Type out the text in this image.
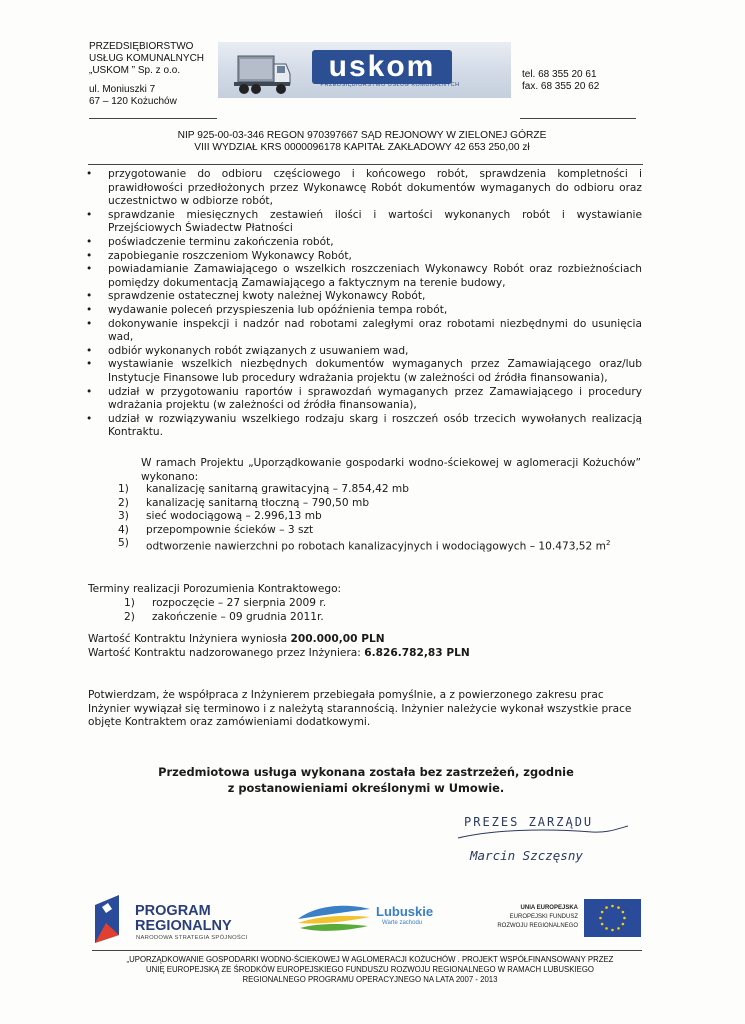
PRZEDSIĘBIORSTWO
USŁUG KOMUNALNYCH
„USKOM ” Sp. z o.o.
ul. Moniuszki 7
67 – 120 Kożuchów
uskom
PRZEDSIĘBIORSTWO USŁUG KOMUNALNYCH
tel. 68 355 20 61
fax. 68 355 20 62
NIP 925-00-03-346 REGON 970397667 SĄD REJONOWY W ZIELONEJ GÓRZE
VIII WYDZIAŁ KRS 0000096178 KAPITAŁ ZAKŁADOWY 42 653 250,00 zł
• przygotowanie do odbioru częściowego i końcowego robót, sprawdzenia kompletności i prawidłowości przedłożonych przez Wykonawcę Robót dokumentów wymaganych do odbioru oraz uczestnictwo w odbiorze robót,
• sprawdzanie miesięcznych zestawień ilości i wartości wykonanych robót i wystawianie Przejściowych Świadectw Płatności
• poświadczenie terminu zakończenia robót,
• zapobieganie roszczeniom Wykonawcy Robót,
• powiadamianie Zamawiającego o wszelkich roszczeniach Wykonawcy Robót oraz rozbieżnościach pomiędzy dokumentacją Zamawiającego a faktycznym na terenie budowy,
• sprawdzenie ostatecznej kwoty należnej Wykonawcy Robót,
• wydawanie poleceń przyspieszenia lub opóźnienia tempa robót,
• dokonywanie inspekcji i nadzór nad robotami zaległymi oraz robotami niezbędnymi do usunięcia wad,
• odbiór wykonanych robót związanych z usuwaniem wad,
• wystawianie wszelkich niezbędnych dokumentów wymaganych przez Zamawiającego oraz/lub Instytucje Finansowe lub procedury wdrażania projektu (w zależności od źródła finansowania),
• udział w przygotowaniu raportów i sprawozdań wymaganych przez Zamawiającego i procedury wdrażania projektu (w zależności od źródła finansowania),
• udział w rozwiązywaniu wszelkiego rodzaju skarg i roszczeń osób trzecich wywołanych realizacją Kontraktu.
W ramach Projektu „Uporządkowanie gospodarki wodno-ściekowej w aglomeracji Kożuchów” wykonano:
1) kanalizację sanitarną grawitacyjną – 7.854,42 mb
2) kanalizację sanitarną tłoczną – 790,50 mb
3) sieć wodociągową – 2.996,13 mb
4) przepompownie ścieków – 3 szt
5) odtworzenie nawierzchni po robotach kanalizacyjnych i wodociągowych – 10.473,52 $m^2$
Terminy realizacji Porozumienia Kontraktowego:
1) rozpoczęcie – 27 sierpnia 2009 r.
2) zakończenie – 09 grudnia 2011r.
Wartość Kontraktu Inżyniera wyniosła 200.000,00 PLN
Wartość Kontraktu nadzorowanego przez Inżyniera: 6.826.782,83 PLN
Potwierdzam, że współpraca z Inżynierem przebiegała pomyślnie, a z powierzonego zakresu prac Inżynier wywiązał się terminowo i z należytą starannością. Inżynier należycie wykonał wszystkie prace objęte Kontraktem oraz zamówieniami dodatkowymi.
Przedmiotowa usługa wykonana została bez zastrzeżeń, zgodnie
z postanowieniami określonymi w Umowie.
PREZES ZARZĄDU
Marcin Szczęsny
PROGRAM
REGIONALNY
NARODOWA STRATEGIA SPÓJNOŚCI
Lubuskie
Warte zachodu
UNIA EUROPEJSKA
EUROPEJSKI FUNDUSZ
ROZWOJU REGIONALNEGO
„UPORZĄDKOWANIE GOSPODARKI WODNO-ŚCIEKOWEJ W AGLOMERACJI KOŻUCHÓW . PROJEKT WSPÓŁFINANSOWANY PRZEZ
UNIĘ EUROPEJSKĄ ZE ŚRODKÓW EUROPEJSKIEGO FUNDUSZU ROZWOJU REGIONALNEGO W RAMACH LUBUSKIEGO
REGIONALNEGO PROGRAMU OPERACYJNEGO NA LATA 2007 - 2013
